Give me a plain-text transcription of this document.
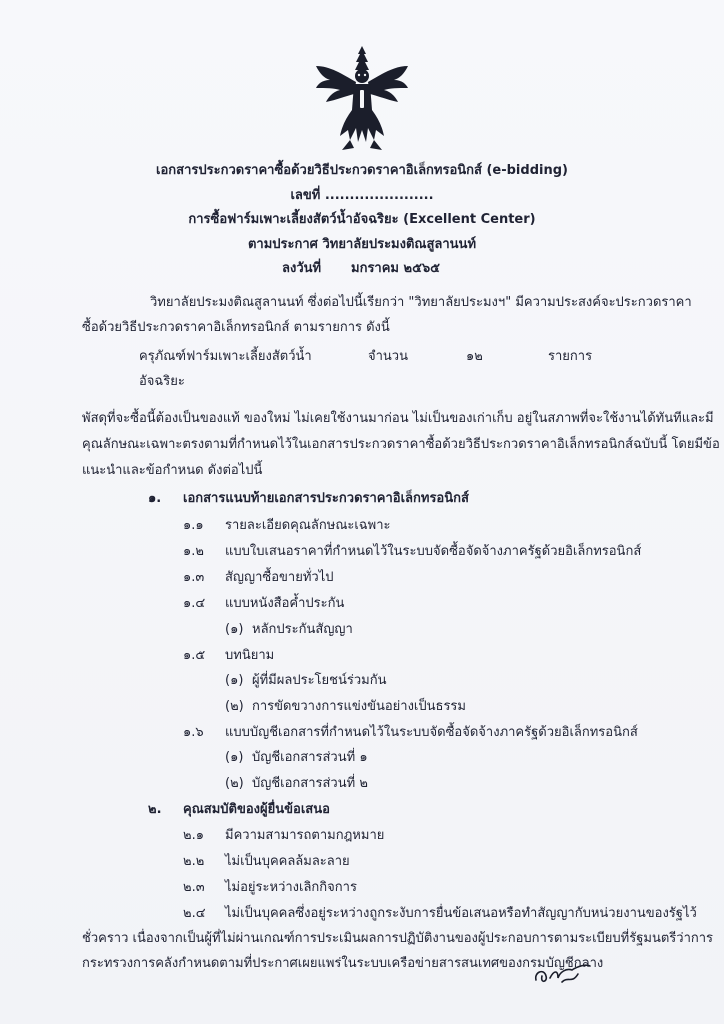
เอกสารประกวดราคาซื้อด้วยวิธีประกวดราคาอิเล็กทรอนิกส์ (e-bidding)
เลขที่ ......................
การซื้อฟาร์มเพาะเลี้ยงสัตว์น้ำอัจฉริยะ (Excellent Center)
ตามประกาศ วิทยาลัยประมงติณสูลานนท์
ลงวันที่ มกราคม ๒๕๖๕
วิทยาลัยประมงติณสูลานนท์ ซึ่งต่อไปนี้เรียกว่า "วิทยาลัยประมงฯ" มีความประสงค์จะประกวดราคา
ซื้อด้วยวิธีประกวดราคาอิเล็กทรอนิกส์ ตามรายการ ดังนี้
ครุภัณฑ์ฟาร์มเพาะเลี้ยงสัตว์น้ำ	จำนวน	๑๒	รายการ
อัจฉริยะ
พัสดุที่จะซื้อนี้ต้องเป็นของแท้ ของใหม่ ไม่เคยใช้งานมาก่อน ไม่เป็นของเก่าเก็บ อยู่ในสภาพที่จะใช้งานได้ทันทีและมี
คุณลักษณะเฉพาะตรงตามที่กำหนดไว้ในเอกสารประกวดราคาซื้อด้วยวิธีประกวดราคาอิเล็กทรอนิกส์ฉบับนี้ โดยมีข้อ
แนะนำและข้อกำหนด ดังต่อไปนี้
๑. เอกสารแนบท้ายเอกสารประกวดราคาอิเล็กทรอนิกส์
๑.๑ รายละเอียดคุณลักษณะเฉพาะ
๑.๒ แบบใบเสนอราคาที่กำหนดไว้ในระบบจัดซื้อจัดจ้างภาครัฐด้วยอิเล็กทรอนิกส์
๑.๓ สัญญาซื้อขายทั่วไป
๑.๔ แบบหนังสือค้ำประกัน
(๑) หลักประกันสัญญา
๑.๕ บทนิยาม
(๑) ผู้ที่มีผลประโยชน์ร่วมกัน
(๒) การขัดขวางการแข่งขันอย่างเป็นธรรม
๑.๖ แบบบัญชีเอกสารที่กำหนดไว้ในระบบจัดซื้อจัดจ้างภาครัฐด้วยอิเล็กทรอนิกส์
(๑) บัญชีเอกสารส่วนที่ ๑
(๒) บัญชีเอกสารส่วนที่ ๒
๒. คุณสมบัติของผู้ยื่นข้อเสนอ
๒.๑ มีความสามารถตามกฎหมาย
๒.๒ ไม่เป็นบุคคลล้มละลาย
๒.๓ ไม่อยู่ระหว่างเลิกกิจการ
๒.๔ ไม่เป็นบุคคลซึ่งอยู่ระหว่างถูกระงับการยื่นข้อเสนอหรือทำสัญญากับหน่วยงานของรัฐไว้
ชั่วคราว เนื่องจากเป็นผู้ที่ไม่ผ่านเกณฑ์การประเมินผลการปฏิบัติงานของผู้ประกอบการตามระเบียบที่รัฐมนตรีว่าการ
กระทรวงการคลังกำหนดตามที่ประกาศเผยแพร่ในระบบเครือข่ายสารสนเทศของกรมบัญชีกลาง
